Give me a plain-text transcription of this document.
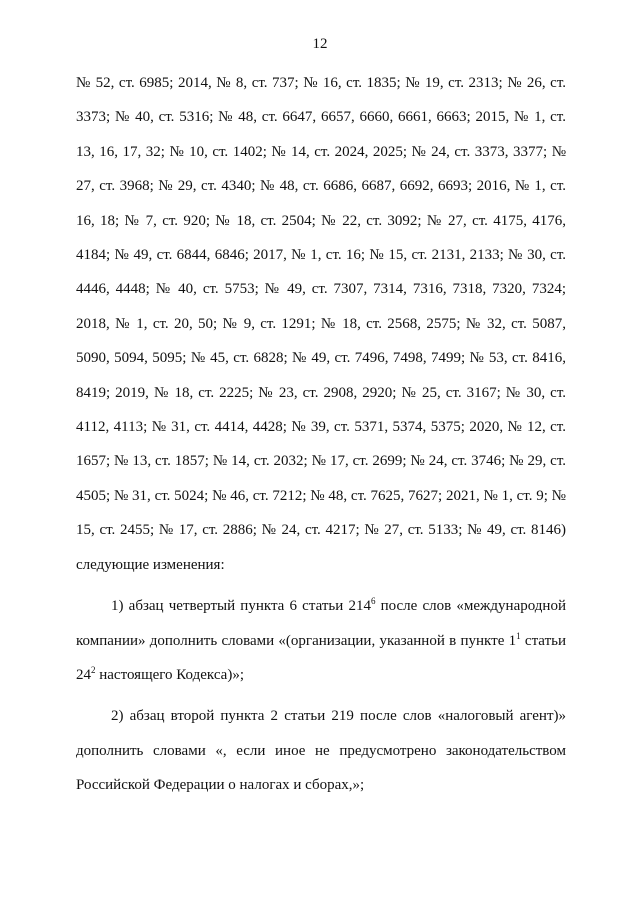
12

№ 52, ст. 6985; 2014, № 8, ст. 737; № 16, ст. 1835; № 19, ст. 2313; № 26, ст. 3373; № 40, ст. 5316; № 48, ст. 6647, 6657, 6660, 6661, 6663; 2015, № 1, ст. 13, 16, 17, 32; № 10, ст. 1402; № 14, ст. 2024, 2025; № 24, ст. 3373, 3377; № 27, ст. 3968; № 29, ст. 4340; № 48, ст. 6686, 6687, 6692, 6693; 2016, № 1, ст. 16, 18; № 7, ст. 920; № 18, ст. 2504; № 22, ст. 3092; № 27, ст. 4175, 4176, 4184; № 49, ст. 6844, 6846; 2017, № 1, ст. 16; № 15, ст. 2131, 2133; № 30, ст. 4446, 4448; № 40, ст. 5753; № 49, ст. 7307, 7314, 7316, 7318, 7320, 7324; 2018, № 1, ст. 20, 50; № 9, ст. 1291; № 18, ст. 2568, 2575; № 32, ст. 5087, 5090, 5094, 5095; № 45, ст. 6828; № 49, ст. 7496, 7498, 7499; № 53, ст. 8416, 8419; 2019, № 18, ст. 2225; № 23, ст. 2908, 2920; № 25, ст. 3167; № 30, ст. 4112, 4113; № 31, ст. 4414, 4428; № 39, ст. 5371, 5374, 5375; 2020, № 12, ст. 1657; № 13, ст. 1857; № 14, ст. 2032; № 17, ст. 2699; № 24, ст. 3746; № 29, ст. 4505; № 31, ст. 5024; № 46, ст. 7212; № 48, ст. 7625, 7627; 2021, № 1, ст. 9; № 15, ст. 2455; № 17, ст. 2886; № 24, ст. 4217; № 27, ст. 5133; № 49, ст. 8146) следующие изменения:

1) абзац четвертый пункта 6 статьи $214^6$ после слов «международной компании» дополнить словами «(организации, указанной в пункте $1^1$ статьи $24^2$ настоящего Кодекса)»;

2) абзац второй пункта 2 статьи 219 после слов «налоговый агент)» дополнить словами «, если иное не предусмотрено законодательством Российской Федерации о налогах и сборах,»;
